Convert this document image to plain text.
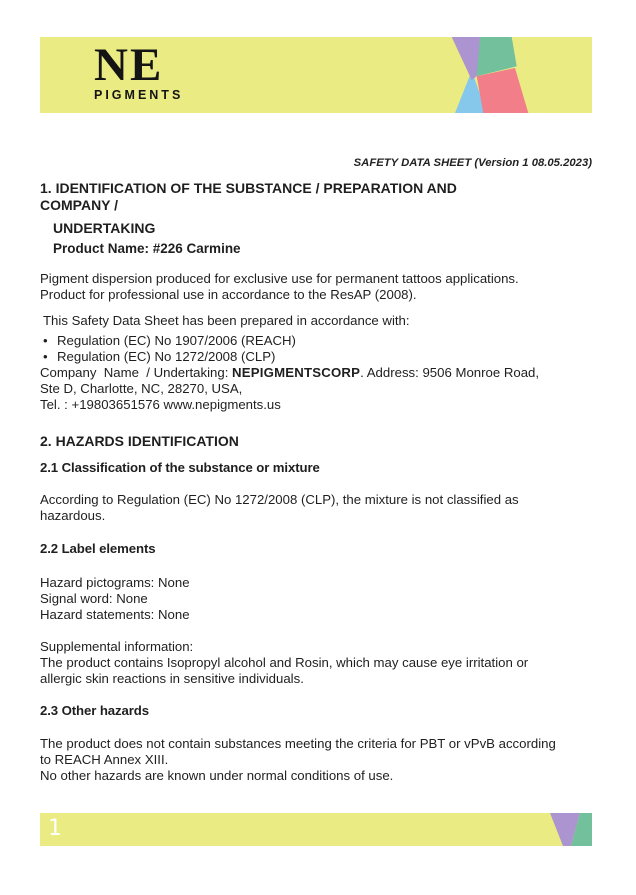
NE
PIGMENTS
SAFETY DATA SHEET (Version 1 08.05.2023)
1. IDENTIFICATION OF THE SUBSTANCE / PREPARATION AND
COMPANY /
UNDERTAKING
Product Name: #226 Carmine
Pigment dispersion produced for exclusive use for permanent tattoos applications.
Product for professional use in accordance to the ResAP (2008).
This Safety Data Sheet has been prepared in accordance with:
• Regulation (EC) No 1907/2006 (REACH)
• Regulation (EC) No 1272/2008 (CLP)
Company  Name  / Undertaking: NEPIGMENTSCORP. Address: 9506 Monroe Road,
Ste D, Charlotte, NC, 28270, USA,
Tel. : +19803651576 www.nepigments.us
2. HAZARDS IDENTIFICATION
2.1 Classification of the substance or mixture
According to Regulation (EC) No 1272/2008 (CLP), the mixture is not classified as
hazardous.
2.2 Label elements
Hazard pictograms: None
Signal word: None
Hazard statements: None
Supplemental information:
The product contains Isopropyl alcohol and Rosin, which may cause eye irritation or
allergic skin reactions in sensitive individuals.
2.3 Other hazards
The product does not contain substances meeting the criteria for PBT or vPvB according
to REACH Annex XIII.
No other hazards are known under normal conditions of use.
1
